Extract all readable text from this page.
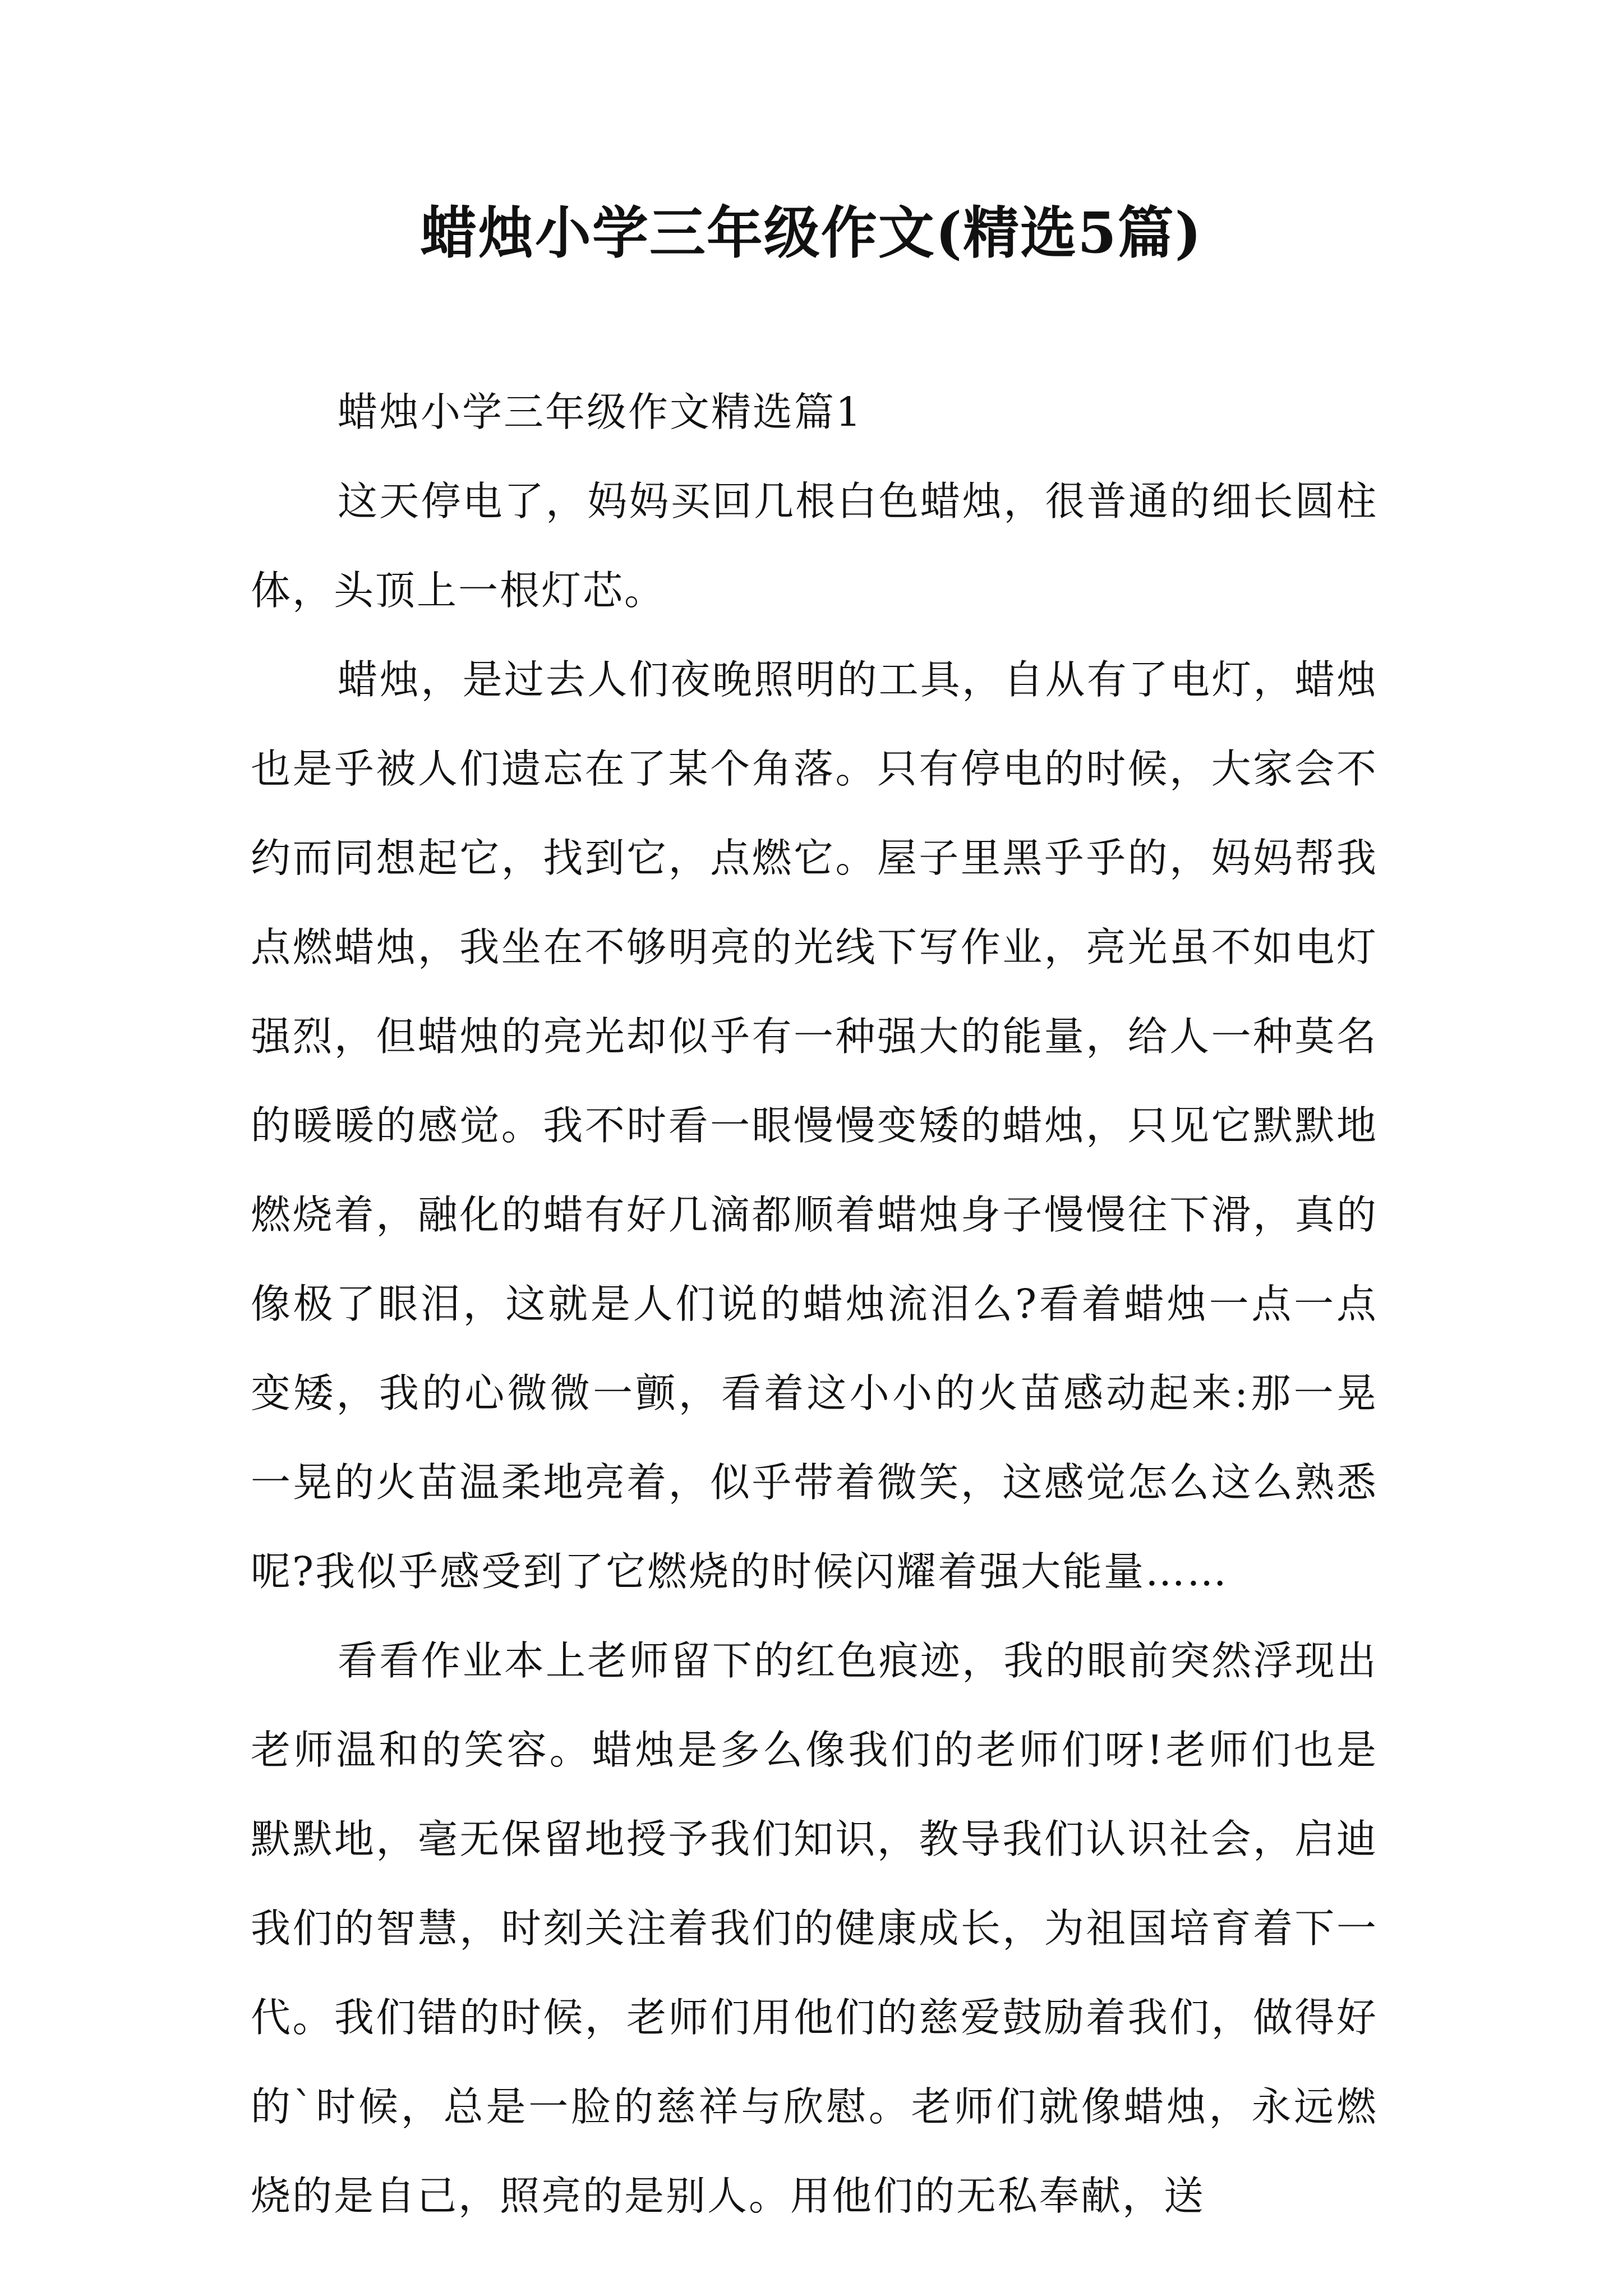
蜡烛小学三年级作文(精选5篇)

蜡烛小学三年级作文精选篇1

这天停电了，妈妈买回几根白色蜡烛，很普通的细长圆柱体，头顶上一根灯芯。

蜡烛，是过去人们夜晚照明的工具，自从有了电灯，蜡烛也是乎被人们遗忘在了某个角落。只有停电的时候，大家会不约而同想起它，找到它，点燃它。屋子里黑乎乎的，妈妈帮我点燃蜡烛，我坐在不够明亮的光线下写作业，亮光虽不如电灯强烈，但蜡烛的亮光却似乎有一种强大的能量，给人一种莫名的暖暖的感觉。我不时看一眼慢慢变矮的蜡烛，只见它默默地燃烧着，融化的蜡有好几滴都顺着蜡烛身子慢慢往下滑，真的像极了眼泪，这就是人们说的蜡烛流泪么?看着蜡烛一点一点变矮，我的心微微一颤，看着这小小的火苗感动起来:那一晃一晃的火苗温柔地亮着，似乎带着微笑，这感觉怎么这么熟悉呢?我似乎感受到了它燃烧的时候闪耀着强大能量……

看看作业本上老师留下的红色痕迹，我的眼前突然浮现出老师温和的笑容。蜡烛是多么像我们的老师们呀!老师们也是默默地，毫无保留地授予我们知识，教导我们认识社会，启迪我们的智慧，时刻关注着我们的健康成长，为祖国培育着下一代。我们错的时候，老师们用他们的慈爱鼓励着我们，做得好的`时候，总是一脸的慈祥与欣慰。老师们就像蜡烛，永远燃烧的是自己，照亮的是别人。用他们的无私奉献，送
